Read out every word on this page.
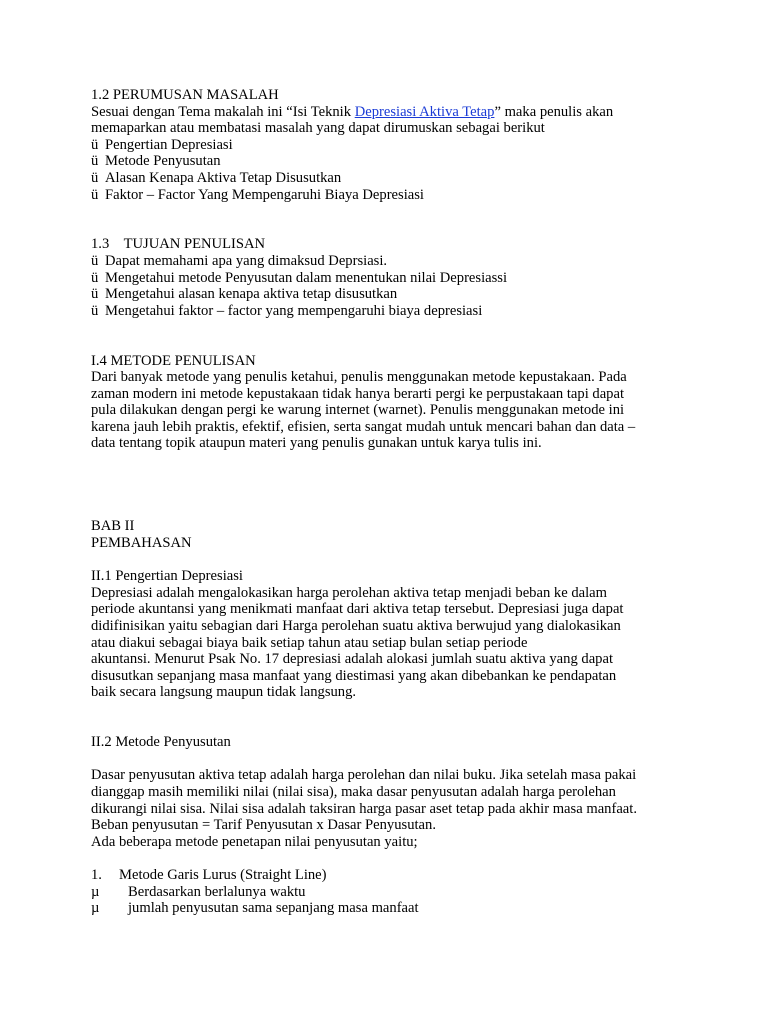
1.2 PERUMUSAN MASALAH
Sesuai dengan Tema makalah ini “Isi Teknik Depresiasi Aktiva Tetap” maka penulis akan
memaparkan atau membatasi masalah yang dapat dirumuskan sebagai berikut
ü Pengertian Depresiasi
ü Metode Penyusutan
ü Alasan Kenapa Aktiva Tetap Disusutkan
ü Faktor – Factor Yang Mempengaruhi Biaya Depresiasi
1.3    TUJUAN PENULISAN
ü Dapat memahami apa yang dimaksud Deprsiasi.
ü Mengetahui metode Penyusutan dalam menentukan nilai Depresiassi
ü Mengetahui alasan kenapa aktiva tetap disusutkan
ü Mengetahui faktor – factor yang mempengaruhi biaya depresiasi
I.4 METODE PENULISAN
Dari banyak metode yang penulis ketahui, penulis menggunakan metode kepustakaan. Pada
zaman modern ini metode kepustakaan tidak hanya berarti pergi ke perpustakaan tapi dapat
pula dilakukan dengan pergi ke warung internet (warnet). Penulis menggunakan metode ini
karena jauh lebih praktis, efektif, efisien, serta sangat mudah untuk mencari bahan dan data –
data tentang topik ataupun materi yang penulis gunakan untuk karya tulis ini.
BAB II
PEMBAHASAN
II.1 Pengertian Depresiasi
Depresiasi adalah mengalokasikan harga perolehan aktiva tetap menjadi beban ke dalam
periode akuntansi yang menikmati manfaat dari aktiva tetap tersebut. Depresiasi juga dapat
didifinisikan yaitu sebagian dari Harga perolehan suatu aktiva berwujud yang dialokasikan
atau diakui sebagai biaya baik setiap tahun atau setiap bulan setiap periode
akuntansi. Menurut Psak No. 17 depresiasi adalah alokasi jumlah suatu aktiva yang dapat
disusutkan sepanjang masa manfaat yang diestimasi yang akan dibebankan ke pendapatan
baik secara langsung maupun tidak langsung.
II.2 Metode Penyusutan
Dasar penyusutan aktiva tetap adalah harga perolehan dan nilai buku. Jika setelah masa pakai
dianggap masih memiliki nilai (nilai sisa), maka dasar penyusutan adalah harga perolehan
dikurangi nilai sisa. Nilai sisa adalah taksiran harga pasar aset tetap pada akhir masa manfaat.
Beban penyusutan = Tarif Penyusutan x Dasar Penyusutan.
Ada beberapa metode penetapan nilai penyusutan yaitu;
1. Metode Garis Lurus (Straight Line)
µ Berdasarkan berlalunya waktu
µ jumlah penyusutan sama sepanjang masa manfaat
